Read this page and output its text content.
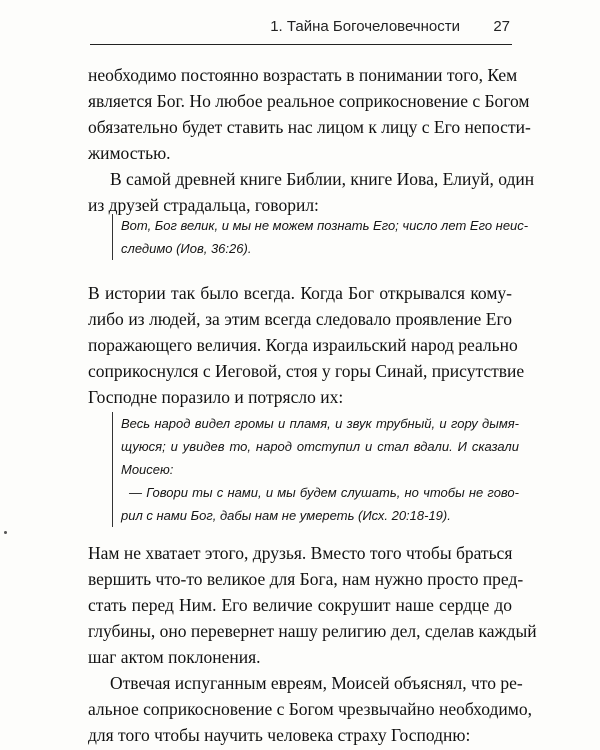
1. Тайна Богочеловечности 27
необходимо постоянно возрастать в понимании того, Кем
является Бог. Но любое реальное соприкосновение с Богом
обязательно будет ставить нас лицом к лицу с Его непости-
жимостью.
В самой древней книге Библии, книге Иова, Елиуй, один
из друзей страдальца, говорил:
Вот, Бог велик, и мы не можем познать Его; число лет Его неис-
следимо (Иов, 36:26).
В истории так было всегда. Когда Бог открывался кому-
либо из людей, за этим всегда следовало проявление Его
поражающего величия. Когда израильский народ реально
соприкоснулся с Иеговой, стоя у горы Синай, присутствие
Господне поразило и потрясло их:
Весь народ видел громы и пламя, и звук трубный, и гору дымя-
щуюся; и увидев то, народ отступил и стал вдали. И сказали
Моисею:
— Говори ты с нами, и мы будем слушать, но чтобы не гово-
рил с нами Бог, дабы нам не умереть (Исх. 20:18-19).
Нам не хватает этого, друзья. Вместо того чтобы браться
вершить что-то великое для Бога, нам нужно просто пред-
стать перед Ним. Его величие сокрушит наше сердце до
глубины, оно перевернет нашу религию дел, сделав каждый
шаг актом поклонения.
Отвечая испуганным евреям, Моисей объяснял, что ре-
альное соприкосновение с Богом чрезвычайно необходимо,
для того чтобы научить человека страху Господню:
